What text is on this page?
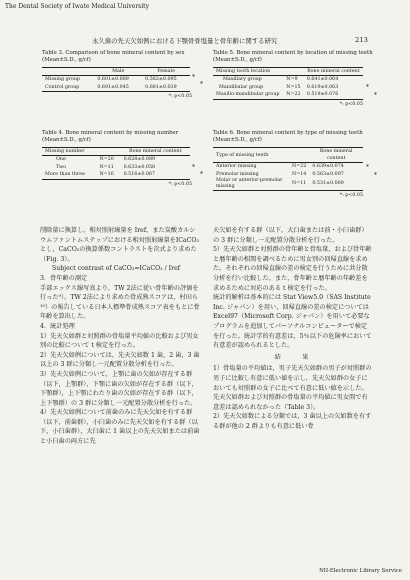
The Dental Society of Iwate Medical University
永久歯の先天欠如例における下顎骨骨塩量と骨年齢に関する研究	213
Table 3. Comparison of bone mineral content by sex (Mean±S.D., g/cf)
	Male	Female
Missing group	0.601±0.089	0.582±0.095
Control group	0.691±0.045	0.681±0.039
*
*
*: p<0.05
Table 4. Bone mineral content by missing number (Mean±S.D., g/cf)
Missing number		Bone mineral content
One	N=20	0.628±0.089
Two	N=11	0.633±0.058
More than three	N=16	0.516±0.067
*
*
*: p<0.05
Table 5. Bone mineral content by location of missing teeth (Mean±S.D., g/cf)
Missing tooth location		Bone mineral content
Maxillary group	N=9	0.641±0.064
Mandibular group	N=15	0.619±0.063
Maxillo-mandibular group	N=22	0.519±0.076
*
*
*: p<0.05
Table 6. Bone mineral content by type of missing teeth (Mean±S.D., g/cf)
Type of missing teeth		Bone mineral content
Anterior missing	N=22	0.639±0.074
Premolar missing	N=14	0.563±0.097
Molar or anterior-premolar missing	N=11	0.531±0.069
*
*
*: p<0.05

削除量に換算し，相対照射線量を Iref，また炭酸カルシウムファントムステップにおける相対照射線量をICaCO₃とし，CaCO₃の換算係数コントラストを次式より求めた（Fig. 3）。

Subject contrast of CaCO₃=ICaCO₃ / Iref

3．骨年齢の測定

手部エックス線写真より，TW 2法に従い骨年齢の評価を行った⁹）。TW 2法により求めた骨成熟スコアは，村田ら¹⁰）の報告している日本人標準骨成熟スコア表をもとに骨年齢を算出した。

4．統計処理

1）先天欠如群と対照群の骨塩量平均値の比較および男女別の比較について t 検定を行った。

2）先天欠如例については，先天欠如数 1 歯，2 歯，3 歯以上の 3 群に分類し一元配置分散分析を行った。

3）先天欠如例について，上顎に歯の欠如が存在する群（以下，上顎群），下顎に歯の欠如が存在する群（以下，下顎群），上下顎にわたり歯の欠如が存在する群（以下，上下顎群）の 3 群に分類し一元配置分散分析を行った。

4）先天欠如例について前歯のみに先天欠如を有する群（以下，前歯群），小臼歯のみに先天欠如を有する群（以下，小臼歯群），大臼歯に 1 歯以上の先天欠如または前歯と小臼歯の両方に先

天欠如を有する群（以下，大臼歯または前・小臼歯群）の 3 群に分類し一元配置分散分析を行った。

5）先天欠如群と対照群の骨年齢と骨塩量，および骨年齢と暦年齢の相関を調べるために男女別の回帰直線を求めた。それぞれの回帰直線の差の検定を行うために共分散分析を行い比較した。また，骨年齢と暦年齢の年齢差を求めるために対応のある t 検定を行った。

統計的解析は基本的には Stat View5.0（SAS Institute Inc. ジャパン）を用い，回帰直線の差の検定については Excel97（Microsoft Corp. ジャパン）を用いて必要なプログラムを追加してパーソナルコンピューターで検定を行った。統計学的有意差は，5％以下の危険率において有意差が認められるとした。

結　　果

1）骨塩量の平均値は，男子先天欠如群の男子が対照群の男子に比較し有意に低い値を示し，先天欠如群の女子においても対照群の女子に比べて有意に低い値を示した。先天欠如群および対照群の骨塩量の平均値に男女間で有意差は認められなかった（Table 3）。

2）先天欠如数による分類では，3 歯以上の欠如数を有する群が他の 2 群よりも有意に低い骨

NII-Electronic Library Service
